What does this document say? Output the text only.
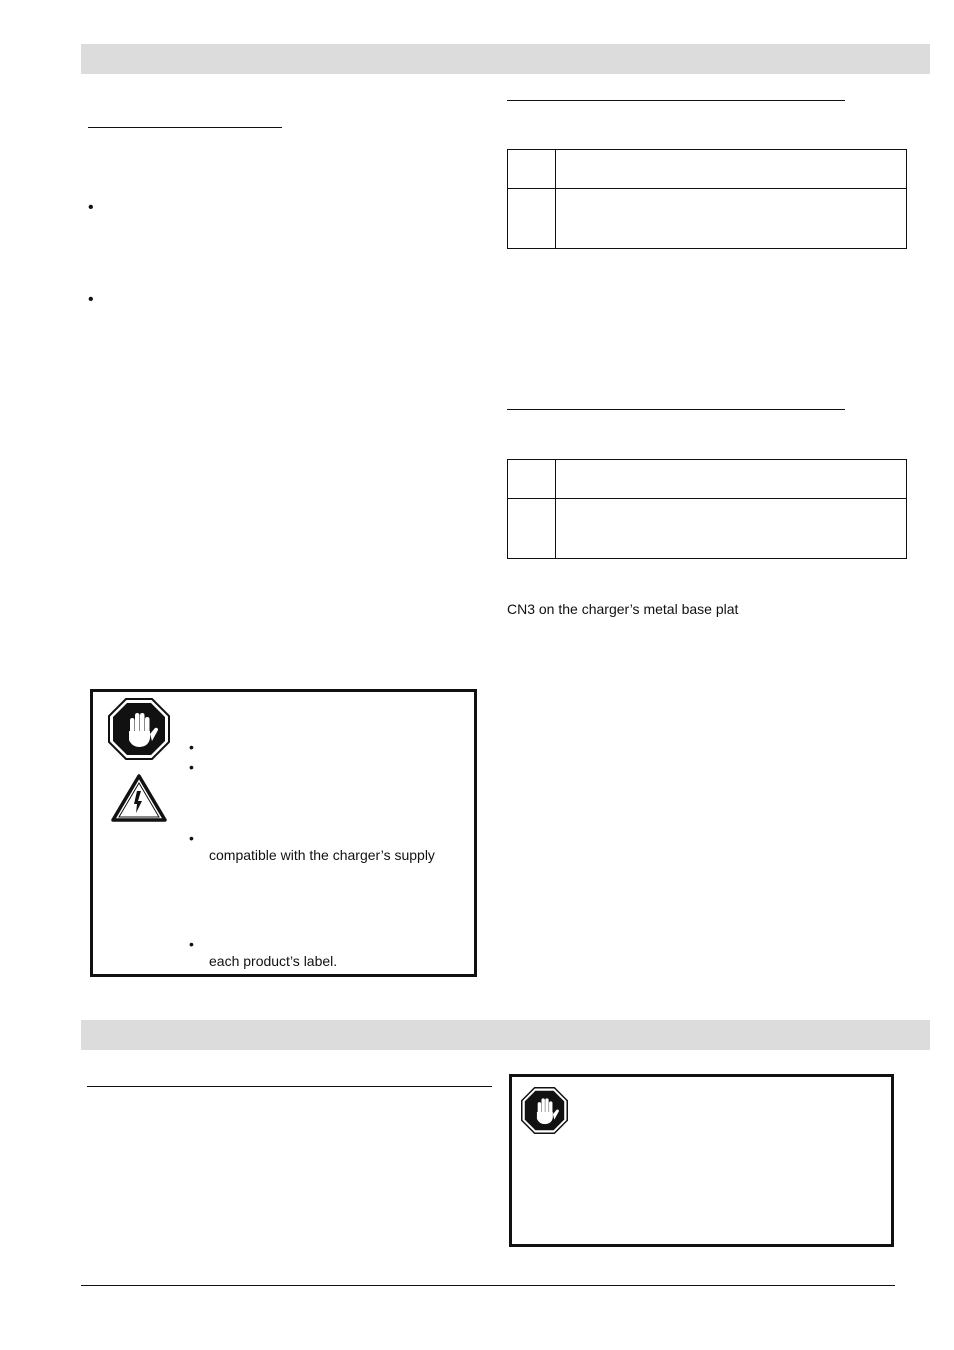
•
•

CN3 on the charger’s metal base plat
•
•
•
compatible with the charger’s supply
•
each product’s label.
